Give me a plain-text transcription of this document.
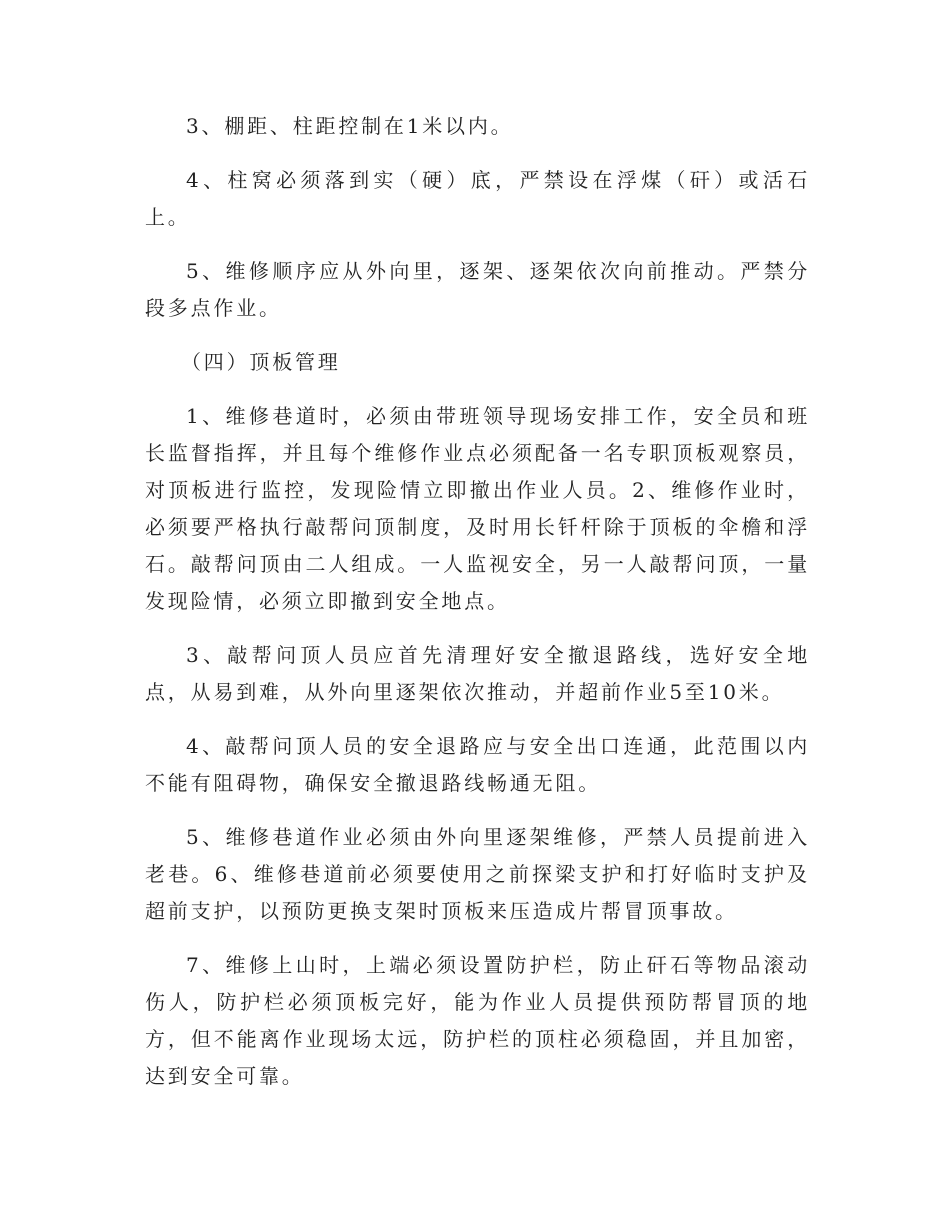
3、棚距、柱距控制在1米以内。

4、柱窝必须落到实（硬）底，严禁设在浮煤（矸）或活石上。

5、维修顺序应从外向里，逐架、逐架依次向前推动。严禁分段多点作业。

（四）顶板管理

1、维修巷道时，必须由带班领导现场安排工作，安全员和班长监督指挥，并且每个维修作业点必须配备一名专职顶板观察员，对顶板进行监控，发现险情立即撤出作业人员。2、维修作业时，必须要严格执行敲帮问顶制度，及时用长钎杆除于顶板的伞檐和浮石。敲帮问顶由二人组成。一人监视安全，另一人敲帮问顶，一量发现险情，必须立即撤到安全地点。

3、敲帮问顶人员应首先清理好安全撤退路线，选好安全地点，从易到难，从外向里逐架依次推动，并超前作业5至10米。

4、敲帮问顶人员的安全退路应与安全出口连通，此范围以内不能有阻碍物，确保安全撤退路线畅通无阻。

5、维修巷道作业必须由外向里逐架维修，严禁人员提前进入老巷。6、维修巷道前必须要使用之前探梁支护和打好临时支护及超前支护，以预防更换支架时顶板来压造成片帮冒顶事故。

7、维修上山时，上端必须设置防护栏，防止矸石等物品滚动伤人，防护栏必须顶板完好，能为作业人员提供预防帮冒顶的地方，但不能离作业现场太远，防护栏的顶柱必须稳固，并且加密，达到安全可靠。
